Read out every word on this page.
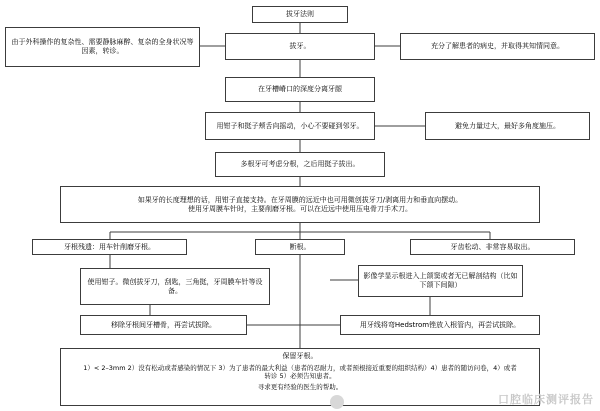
拔牙法则
由于外科操作的复杂性、需要静脉麻醉、复杂的全身状况等因素，转诊。
拔牙。	充分了解患者的病史，并取得其知情同意。
在牙槽嵴口的深度分离牙龈
用钳子和挺子颊舌向摇动，小心不要碰到邻牙。	避免力量过大，最好多角度施压。
多根牙可考虑分根，之后用挺子拔出。
如果牙的长度理想的话，用钳子直接支持。在牙周膜的远近中也可用微创拔牙刀/剥离用力和垂直向摆动。
使用牙周膜车针时，主要削磨牙根。可以在近远中使用压电骨刀手术刀。
牙根残遗：用车针削磨牙根。	断根。	牙齿松动、非常容易取出。
使用钳子。微创拔牙刀，刮匙，三角挺，牙周膜车针等设备。
影像学显示根进入上颌窦或者无已解剖结构（比如下颌下间隙）
移除牙根间牙槽骨，再尝试拔除。	用牙线将弯Hedstrom锉放入根管内，再尝试拔除。
保留牙根。
1）< 2–3mm 2）没有松动或者感染的情况下 3）为了患者的最大利益（患者的忍耐力，或者预根接近重要的组织结构）4）患者的随访问卷，4）或者转诊 5）必须告知患者。
寻求更有经验的医生的帮助。
口腔临床测评报告
